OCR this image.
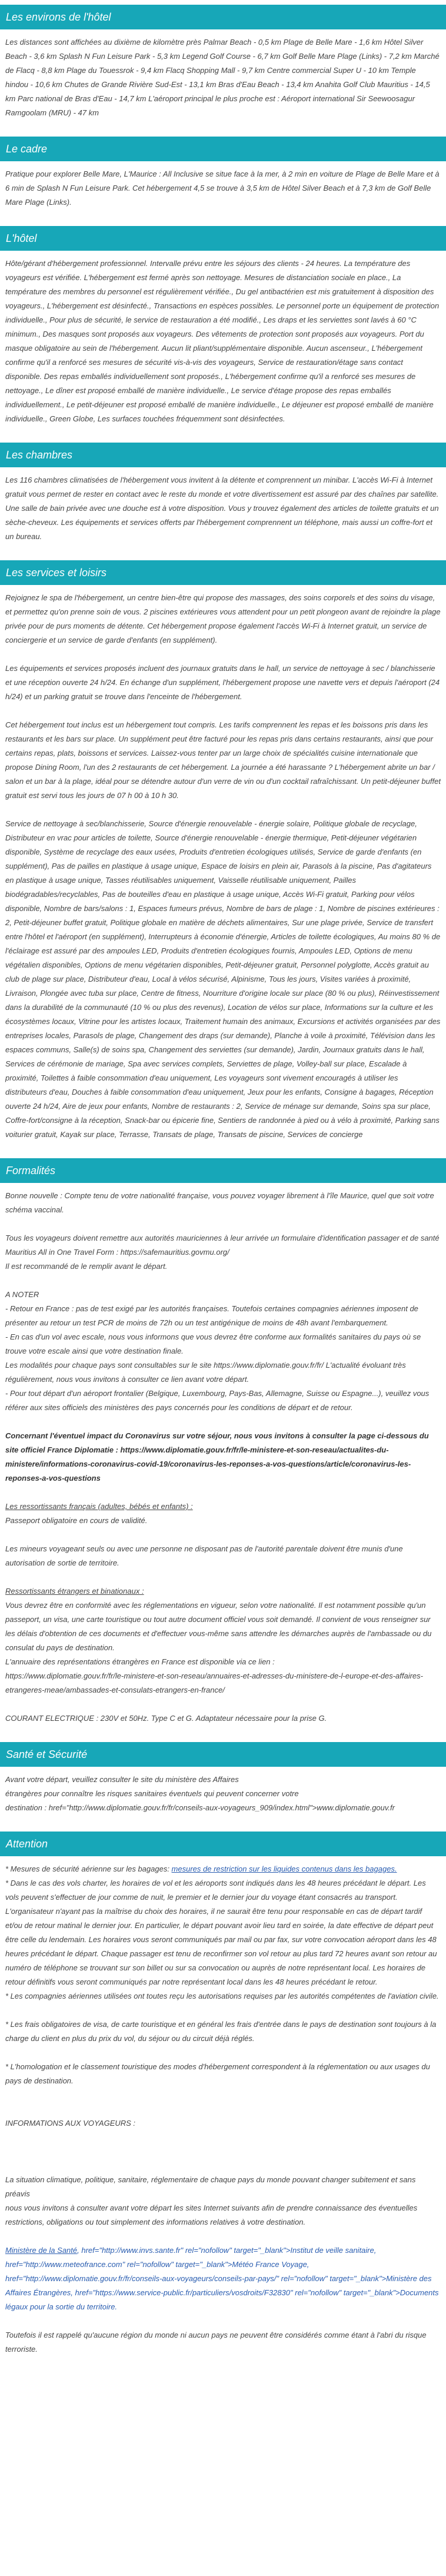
Les environs de l'hôtel

Les distances sont affichées au dixième de kilomètre près Palmar Beach - 0,5 km Plage de Belle Mare - 1,6 km Hôtel Silver Beach - 3,6 km Splash N Fun Leisure Park - 5,3 km Legend Golf Course - 6,7 km Golf Belle Mare Plage (Links) - 7,2 km Marché de Flacq - 8,8 km Plage du Touessrok - 9,4 km Flacq Shopping Mall - 9,7 km Centre commercial Super U - 10 km Temple hindou - 10,6 km Chutes de Grande Rivière Sud-Est - 13,1 km Bras d'Eau Beach - 13,4 km Anahita Golf Club Mauritius - 14,5 km Parc national de Bras d'Eau - 14,7 km L'aéroport principal le plus proche est : Aéroport international Sir Seewoosagur Ramgoolam (MRU) - 47 km

Le cadre

Pratique pour explorer Belle Mare, L'Maurice : All Inclusive se situe face à la mer, à 2 min en voiture de Plage de Belle Mare et à 6 min de Splash N Fun Leisure Park. Cet hébergement 4,5 se trouve à 3,5 km de Hôtel Silver Beach et à 7,3 km de Golf Belle Mare Plage (Links).

L'hôtel

Hôte/gérant d'hébergement professionnel. Intervalle prévu entre les séjours des clients - 24 heures. La température des voyageurs est vérifiée. L'hébergement est fermé après son nettoyage. Mesures de distanciation sociale en place., La température des membres du personnel est régulièrement vérifiée., Du gel antibactérien est mis gratuitement à disposition des voyageurs., L'hébergement est désinfecté., Transactions en espèces possibles. Le personnel porte un équipement de protection individuelle., Pour plus de sécurité, le service de restauration a été modifié., Les draps et les serviettes sont lavés à 60 °C minimum., Des masques sont proposés aux voyageurs. Des vêtements de protection sont proposés aux voyageurs. Port du masque obligatoire au sein de l'hébergement. Aucun lit pliant/supplémentaire disponible. Aucun ascenseur., L'hébergement confirme qu'il a renforcé ses mesures de sécurité vis-à-vis des voyageurs, Service de restauration/étage sans contact disponible. Des repas emballés individuellement sont proposés., L'hébergement confirme qu'il a renforcé ses mesures de nettoyage., Le dîner est proposé emballé de manière individuelle., Le service d'étage propose des repas emballés individuellement., Le petit-déjeuner est proposé emballé de manière individuelle., Le déjeuner est proposé emballé de manière individuelle., Green Globe, Les surfaces touchées fréquemment sont désinfectées.

Les chambres

Les 116 chambres climatisées de l'hébergement vous invitent à la détente et comprennent un minibar. L'accès Wi-Fi à Internet gratuit vous permet de rester en contact avec le reste du monde et votre divertissement est assuré par des chaînes par satellite. Une salle de bain privée avec une douche est à votre disposition. Vous y trouvez également des articles de toilette gratuits et un sèche-cheveux. Les équipements et services offerts par l'hébergement comprennent un téléphone, mais aussi un coffre-fort et un bureau.

Les services et loisirs

Rejoignez le spa de l'hébergement, un centre bien-être qui propose des massages, des soins corporels et des soins du visage, et permettez qu'on prenne soin de vous. 2 piscines extérieures vous attendent pour un petit plongeon avant de rejoindre la plage privée pour de purs moments de détente. Cet hébergement propose également l'accès Wi-Fi à Internet gratuit, un service de conciergerie et un service de garde d'enfants (en supplément).

Les équipements et services proposés incluent des journaux gratuits dans le hall, un service de nettoyage à sec / blanchisserie et une réception ouverte 24 h/24. En échange d'un supplément, l'hébergement propose une navette vers et depuis l'aéroport (24 h/24) et un parking gratuit se trouve dans l'enceinte de l'hébergement.

Cet hébergement tout inclus est un hébergement tout compris. Les tarifs comprennent les repas et les boissons pris dans les restaurants et les bars sur place. Un supplément peut être facturé pour les repas pris dans certains restaurants, ainsi que pour certains repas, plats, boissons et services. Laissez-vous tenter par un large choix de spécialités cuisine internationale que propose Dining Room, l'un des 2 restaurants de cet hébergement. La journée a été harassante ? L'hébergement abrite un bar / salon et un bar à la plage, idéal pour se détendre autour d'un verre de vin ou d'un cocktail rafraîchissant. Un petit-déjeuner buffet gratuit est servi tous les jours de 07 h 00 à 10 h 30.

Service de nettoyage à sec/blanchisserie, Source d'énergie renouvelable - énergie solaire, Politique globale de recyclage, Distributeur en vrac pour articles de toilette, Source d'énergie renouvelable - énergie thermique, Petit-déjeuner végétarien disponible, Système de recyclage des eaux usées, Produits d'entretien écologiques utilisés, Service de garde d'enfants (en supplément), Pas de pailles en plastique à usage unique, Espace de loisirs en plein air, Parasols à la piscine, Pas d'agitateurs en plastique à usage unique, Tasses réutilisables uniquement, Vaisselle réutilisable uniquement, Pailles biodégradables/recyclables, Pas de bouteilles d'eau en plastique à usage unique, Accès Wi-Fi gratuit, Parking pour vélos disponible, Nombre de bars/salons : 1, Espaces fumeurs prévus, Nombre de bars de plage : 1, Nombre de piscines extérieures : 2, Petit-déjeuner buffet gratuit, Politique globale en matière de déchets alimentaires, Sur une plage privée, Service de transfert entre l'hôtel et l'aéroport (en supplément), Interrupteurs à économie d'énergie, Articles de toilette écologiques, Au moins 80 % de l'éclairage est assuré par des ampoules LED, Produits d'entretien écologiques fournis, Ampoules LED, Options de menu végétalien disponibles, Options de menu végétarien disponibles, Petit-déjeuner gratuit, Personnel polyglotte, Accès gratuit au club de plage sur place, Distributeur d'eau, Local à vélos sécurisé, Alpinisme, Tous les jours, Visites variées à proximité, Livraison, Plongée avec tuba sur place, Centre de fitness, Nourriture d'origine locale sur place (80 % ou plus), Réinvestissement dans la durabilité de la communauté (10 % ou plus des revenus), Location de vélos sur place, Informations sur la culture et les écosystèmes locaux, Vitrine pour les artistes locaux, Traitement humain des animaux, Excursions et activités organisées par des entreprises locales, Parasols de plage, Changement des draps (sur demande), Planche à voile à proximité, Télévision dans les espaces communs, Salle(s) de soins spa, Changement des serviettes (sur demande), Jardin, Journaux gratuits dans le hall, Services de cérémonie de mariage, Spa avec services complets, Serviettes de plage, Volley-ball sur place, Escalade à proximité, Toilettes à faible consommation d'eau uniquement, Les voyageurs sont vivement encouragés à utiliser les distributeurs d'eau, Douches à faible consommation d'eau uniquement, Jeux pour les enfants, Consigne à bagages, Réception ouverte 24 h/24, Aire de jeux pour enfants, Nombre de restaurants : 2, Service de ménage sur demande, Soins spa sur place, Coffre-fort/consigne à la réception, Snack-bar ou épicerie fine, Sentiers de randonnée à pied ou à vélo à proximité, Parking sans voiturier gratuit, Kayak sur place, Terrasse, Transats de plage, Transats de piscine, Services de concierge

Formalités

Bonne nouvelle : Compte tenu de votre nationalité française, vous pouvez voyager librement à l'île Maurice, quel que soit votre schéma vaccinal.

Tous les voyageurs doivent remettre aux autorités mauriciennes à leur arrivée un formulaire d'identification passager et de santé Mauritius All in One Travel Form : https://safemauritius.govmu.org/

Il est recommandé de le remplir avant le départ.

A NOTER

- Retour en France : pas de test exigé par les autorités françaises. Toutefois certaines compagnies aériennes imposent de présenter au retour un test PCR de moins de 72h ou un test antigénique de moins de 48h avant l'embarquement.

- En cas d'un vol avec escale, nous vous informons que vous devrez être conforme aux formalités sanitaires du pays où se trouve votre escale ainsi que votre destination finale.

Les modalités pour chaque pays sont consultables sur le site https://www.diplomatie.gouv.fr/fr/ L'actualité évoluant très régulièrement, nous vous invitons à consulter ce lien avant votre départ.

- Pour tout départ d'un aéroport frontalier (Belgique, Luxembourg, Pays-Bas, Allemagne, Suisse ou Espagne...), veuillez vous référer aux sites officiels des ministères des pays concernés pour les conditions de départ et de retour.

Concernant l'éventuel impact du Coronavirus sur votre séjour, nous vous invitons à consulter la page ci-dessous du site officiel France Diplomatie : https://www.diplomatie.gouv.fr/fr/le-ministere-et-son-reseau/actualites-du-ministere/informations-coronavirus-covid-19/coronavirus-les-reponses-a-vos-questions/article/coronavirus-les-reponses-a-vos-questions

Les ressortissants français (adultes, bébés et enfants) :

Passeport obligatoire en cours de validité.

Les mineurs voyageant seuls ou avec une personne ne disposant pas de l'autorité parentale doivent être munis d'une autorisation de sortie de territoire.

Ressortissants étrangers et binationaux :

Vous devrez être en conformité avec les réglementations en vigueur, selon votre nationalité. Il est notamment possible qu'un passeport, un visa, une carte touristique ou tout autre document officiel vous soit demandé. Il convient de vous renseigner sur les délais d'obtention de ces documents et d'effectuer vous-même sans attendre les démarches auprès de l'ambassade ou du consulat du pays de destination.

L'annuaire des représentations étrangères en France est disponible via ce lien :

https://www.diplomatie.gouv.fr/fr/le-ministere-et-son-reseau/annuaires-et-adresses-du-ministere-de-l-europe-et-des-affaires-etrangeres-meae/ambassades-et-consulats-etrangers-en-france/

COURANT ELECTRIQUE : 230V et 50Hz. Type C et G. Adaptateur nécessaire pour la prise G.

Santé et Sécurité

Avant votre départ, veuillez consulter le site du ministère des Affaires

étrangères pour connaître les risques sanitaires éventuels qui peuvent concerner votre

destination : href="http://www.diplomatie.gouv.fr/fr/conseils-aux-voyageurs_909/index.html">www.diplomatie.gouv.fr

Attention

* Mesures de sécurité aérienne sur les bagages: mesures de restriction sur les liquides contenus dans les bagages.

* Dans le cas des vols charter, les horaires de vol et les aéroports sont indiqués dans les 48 heures précédant le départ. Les vols peuvent s'effectuer de jour comme de nuit, le premier et le dernier jour du voyage étant consacrés au transport. L'organisateur n'ayant pas la maîtrise du choix des horaires, il ne saurait être tenu pour responsable en cas de départ tardif et/ou de retour matinal le dernier jour. En particulier, le départ pouvant avoir lieu tard en soirée, la date effective de départ peut être celle du lendemain. Les horaires vous seront communiqués par mail ou par fax, sur votre convocation aéroport dans les 48 heures précédant le départ. Chaque passager est tenu de reconfirmer son vol retour au plus tard 72 heures avant son retour au numéro de téléphone se trouvant sur son billet ou sur sa convocation ou auprès de notre représentant local. Les horaires de retour définitifs vous seront communiqués par notre représentant local dans les 48 heures précédant le retour.

* Les compagnies aériennes utilisées ont toutes reçu les autorisations requises par les autorités compétentes de l'aviation civile.

* Les frais obligatoires de visa, de carte touristique et en général les frais d'entrée dans le pays de destination sont toujours à la charge du client en plus du prix du vol, du séjour ou du circuit déjà réglés.

* L'homologation et le classement touristique des modes d'hébergement correspondent à la réglementation ou aux usages du pays de destination.

INFORMATIONS AUX VOYAGEURS :

La situation climatique, politique, sanitaire, réglementaire de chaque pays du monde pouvant changer subitement et sans préavis

nous vous invitons à consulter avant votre départ les sites Internet suivants afin de prendre connaissance des éventuelles restrictions, obligations ou tout simplement des informations relatives à votre destination.

Ministère de la Santé, href="http://www.invs.sante.fr" rel="nofollow" target="_blank">Institut de veille sanitaire, href="http://www.meteofrance.com" rel="nofollow" target="_blank">Météo France Voyage, href="http://www.diplomatie.gouv.fr/fr/conseils-aux-voyageurs/conseils-par-pays/" rel="nofollow" target="_blank">Ministère des Affaires Étrangères, href="https://www.service-public.fr/particuliers/vosdroits/F32830" rel="nofollow" target="_blank">Documents légaux pour la sortie du territoire.

Toutefois il est rappelé qu'aucune région du monde ni aucun pays ne peuvent être considérés comme étant à l'abri du risque terroriste.
